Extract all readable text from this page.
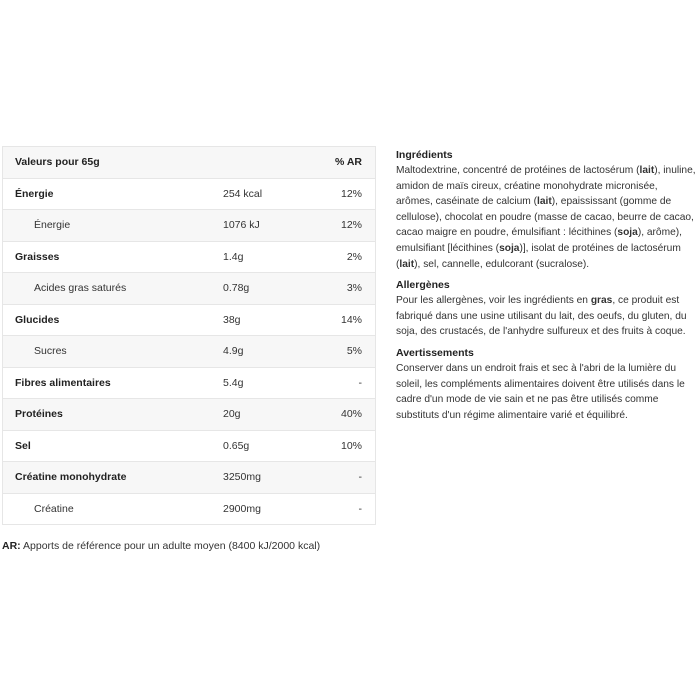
Valeurs pour 65g		% AR
Énergie	254 kcal	12%
Énergie	1076 kJ	12%
Graisses	1.4g	2%
Acides gras saturés	0.78g	3%
Glucides	38g	14%
Sucres	4.9g	5%
Fibres alimentaires	5.4g	-
Protéines	20g	40%
Sel	0.65g	10%
Créatine monohydrate	3250mg	-
Créatine	2900mg	-
AR: Apports de référence pour un adulte moyen (8400 kJ/2000 kcal)
Ingrédients

Maltodextrine, concentré de protéines de lactosérum (lait), inuline, amidon de maïs cireux, créatine monohydrate micronisée, arômes, caséinate de calcium (lait), epaississant (gomme de cellulose), chocolat en poudre (masse de cacao, beurre de cacao, cacao maigre en poudre, émulsifiant : lécithines (soja), arôme), emulsifiant [lécithines (soja)], isolat de protéines de lactosérum (lait), sel, cannelle, edulcorant (sucralose).

Allergènes

Pour les allergènes, voir les ingrédients en gras, ce produit est fabriqué dans une usine utilisant du lait, des oeufs, du gluten, du soja, des crustacés, de l'anhydre sulfureux et des fruits à coque.

Avertissements

Conserver dans un endroit frais et sec à l'abri de la lumière du soleil, les compléments alimentaires doivent être utilisés dans le cadre d'un mode de vie sain et ne pas être utilisés comme substituts d'un régime alimentaire varié et équilibré.
